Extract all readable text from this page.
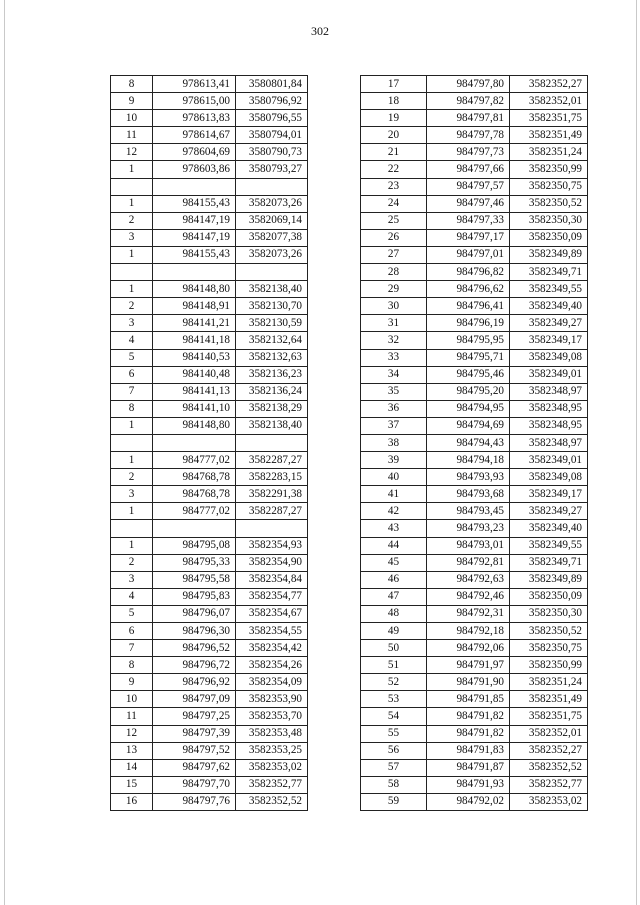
302
8	978613,41	3580801,84
9	978615,00	3580796,92
10	978613,83	3580796,55
11	978614,67	3580794,01
12	978604,69	3580790,73
1	978603,86	3580793,27

1	984155,43	3582073,26
2	984147,19	3582069,14
3	984147,19	3582077,38
1	984155,43	3582073,26

1	984148,80	3582138,40
2	984148,91	3582130,70
3	984141,21	3582130,59
4	984141,18	3582132,64
5	984140,53	3582132,63
6	984140,48	3582136,23
7	984141,13	3582136,24
8	984141,10	3582138,29
1	984148,80	3582138,40

1	984777,02	3582287,27
2	984768,78	3582283,15
3	984768,78	3582291,38
1	984777,02	3582287,27

1	984795,08	3582354,93
2	984795,33	3582354,90
3	984795,58	3582354,84
4	984795,83	3582354,77
5	984796,07	3582354,67
6	984796,30	3582354,55
7	984796,52	3582354,42
8	984796,72	3582354,26
9	984796,92	3582354,09
10	984797,09	3582353,90
11	984797,25	3582353,70
12	984797,39	3582353,48
13	984797,52	3582353,25
14	984797,62	3582353,02
15	984797,70	3582352,77
16	984797,76	3582352,52
17	984797,80	3582352,27
18	984797,82	3582352,01
19	984797,81	3582351,75
20	984797,78	3582351,49
21	984797,73	3582351,24
22	984797,66	3582350,99
23	984797,57	3582350,75
24	984797,46	3582350,52
25	984797,33	3582350,30
26	984797,17	3582350,09
27	984797,01	3582349,89
28	984796,82	3582349,71
29	984796,62	3582349,55
30	984796,41	3582349,40
31	984796,19	3582349,27
32	984795,95	3582349,17
33	984795,71	3582349,08
34	984795,46	3582349,01
35	984795,20	3582348,97
36	984794,95	3582348,95
37	984794,69	3582348,95
38	984794,43	3582348,97
39	984794,18	3582349,01
40	984793,93	3582349,08
41	984793,68	3582349,17
42	984793,45	3582349,27
43	984793,23	3582349,40
44	984793,01	3582349,55
45	984792,81	3582349,71
46	984792,63	3582349,89
47	984792,46	3582350,09
48	984792,31	3582350,30
49	984792,18	3582350,52
50	984792,06	3582350,75
51	984791,97	3582350,99
52	984791,90	3582351,24
53	984791,85	3582351,49
54	984791,82	3582351,75
55	984791,82	3582352,01
56	984791,83	3582352,27
57	984791,87	3582352,52
58	984791,93	3582352,77
59	984792,02	3582353,02
